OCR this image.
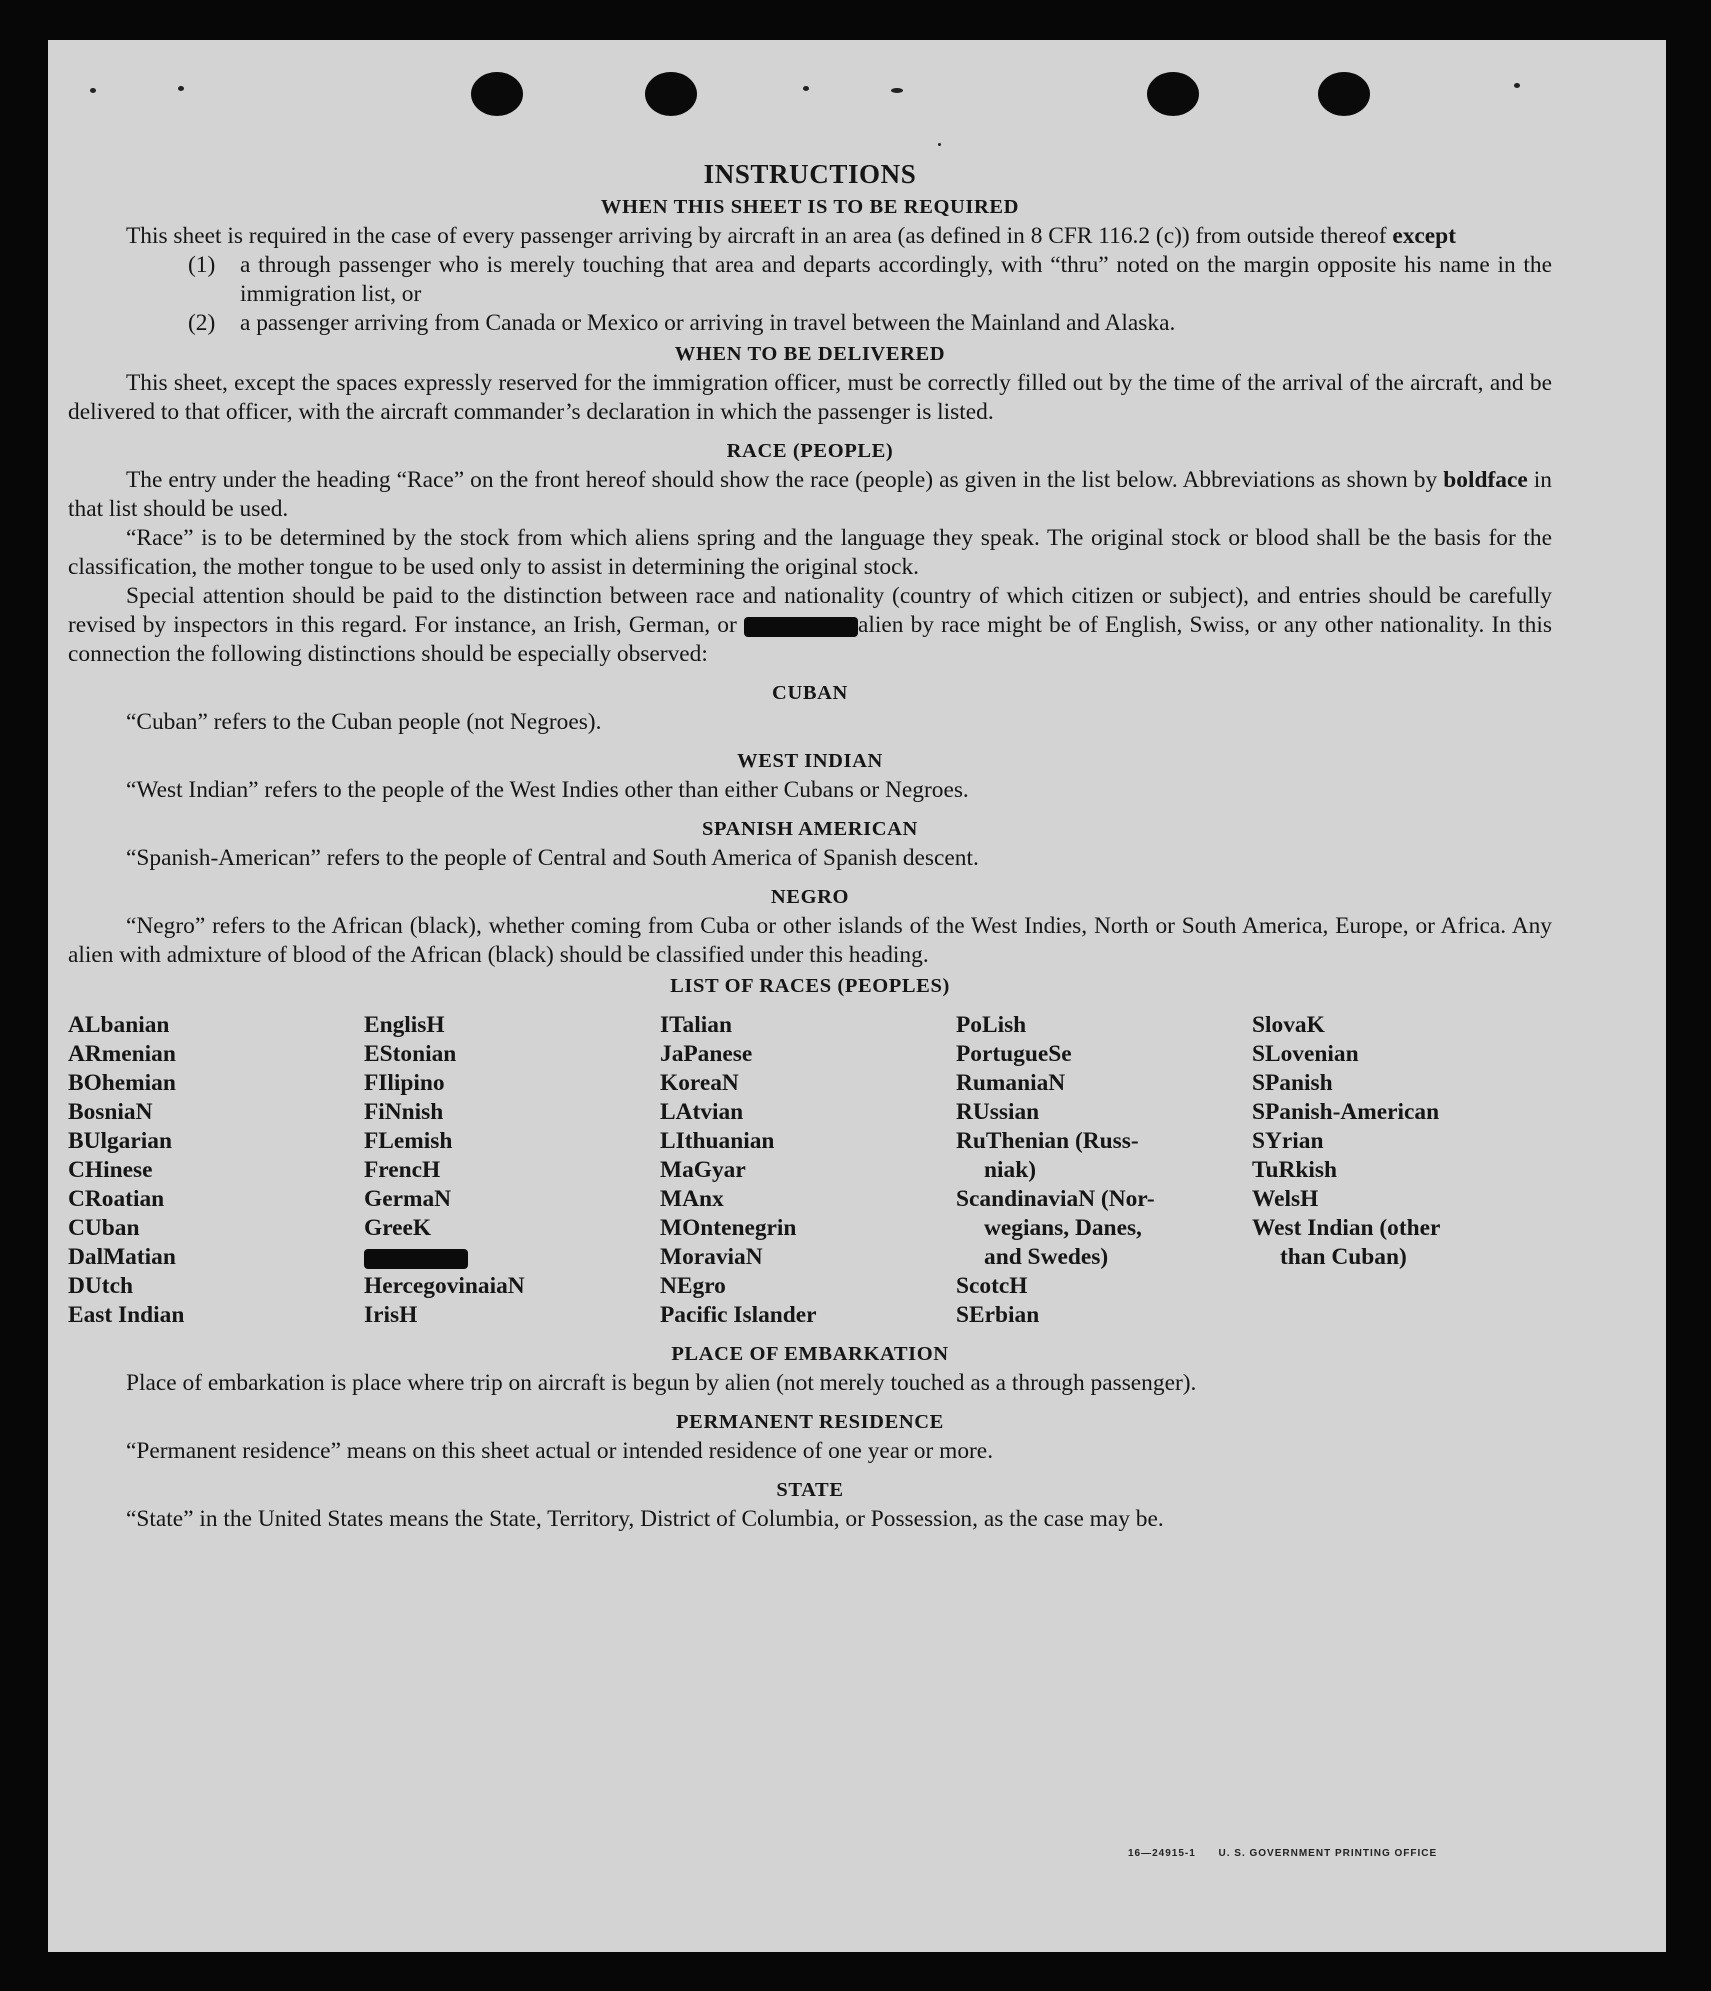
INSTRUCTIONS
WHEN THIS SHEET IS TO BE REQUIRED

This sheet is required in the case of every passenger arriving by aircraft in an area (as defined in 8 CFR 116.2 (c)) from outside thereof except

(1)	a through passenger who is merely touching that area and departs accordingly, with “thru” noted on the margin opposite his name in the immigration list, or
(2)	a passenger arriving from Canada or Mexico or arriving in travel between the Mainland and Alaska.
WHEN TO BE DELIVERED

This sheet, except the spaces expressly reserved for the immigration officer, must be correctly filled out by the time of the arrival of the aircraft, and be delivered to that officer, with the aircraft commander’s declaration in which the passenger is listed.

RACE (PEOPLE)

The entry under the heading “Race” on the front hereof should show the race (people) as given in the list below. Abbreviations as shown by boldface in that list should be used.

“Race” is to be determined by the stock from which aliens spring and the language they speak. The original stock or blood shall be the basis for the classification, the mother tongue to be used only to assist in determining the original stock.

Special attention should be paid to the distinction between race and nationality (country of which citizen or subject), and entries should be carefully revised by inspectors in this regard. For instance, an Irish, German, or	alien by race might be of English, Swiss, or any other nationality. In this connection the following distinctions should be especially observed:

CUBAN

“Cuban” refers to the Cuban people (not Negroes).

WEST INDIAN

“West Indian” refers to the people of the West Indies other than either Cubans or Negroes.

SPANISH AMERICAN

“Spanish-American” refers to the people of Central and South America of Spanish descent.

NEGRO

“Negro” refers to the African (black), whether coming from Cuba or other islands of the West Indies, North or South America, Europe, or Africa. Any alien with admixture of blood of the African (black) should be classified under this heading.

LIST OF RACES (PEOPLES)
ALbanian
ARmenian
BOhemian
BosniaN
BUlgarian
CHinese
CRoatian
CUban
DalMatian
DUtch
East Indian
EnglisH
EStonian
FIlipino
FiNnish
FLemish
FrencH
GermaN
GreeK
HercegovinaiaN
IrisH
ITalian
JaPanese
KoreaN
LAtvian
LIthuanian
MaGyar
MAnx
MOntenegrin
MoraviaN
NEgro
Pacific Islander
PoLish
PortugueSe
RumaniaN
RUssian
RuThenian (Russ-
niak)
ScandinaviaN (Nor-
wegians, Danes,
and Swedes)
ScotcH
SErbian
SlovaK
SLovenian
SPanish
SPanish-American
SYrian
TuRkish
WelsH
West Indian (other
than Cuban)
PLACE OF EMBARKATION

Place of embarkation is place where trip on aircraft is begun by alien (not merely touched as a through passenger).

PERMANENT RESIDENCE

“Permanent residence” means on this sheet actual or intended residence of one year or more.

STATE

“State” in the United States means the State, Territory, District of Columbia, or Possession, as the case may be.

16—24915-1 U. S. GOVERNMENT PRINTING OFFICE
